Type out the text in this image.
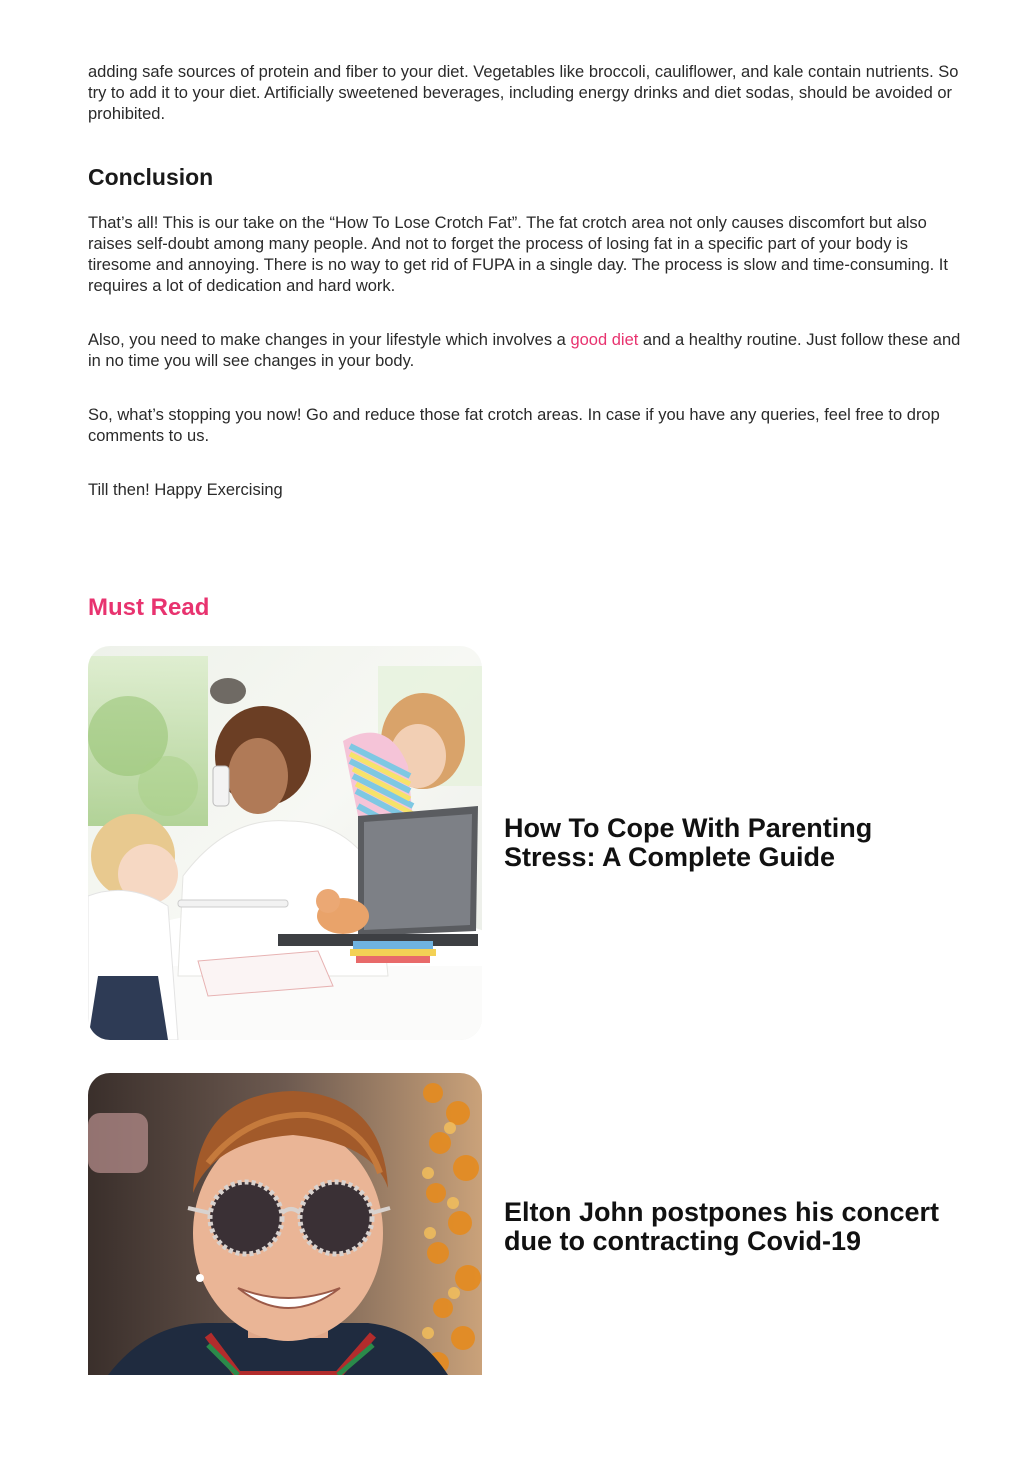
adding safe sources of protein and fiber to your diet. Vegetables like broccoli, cauliflower, and kale contain nutrients. So try to add it to your diet. Artificially sweetened beverages, including energy drinks and diet sodas, should be avoided or prohibited.

Conclusion

That’s all! This is our take on the “How To Lose Crotch Fat”. The fat crotch area not only causes discomfort but also raises self-doubt among many people. And not to forget the process of losing fat in a specific part of your body is tiresome and annoying. There is no way to get rid of FUPA in a single day. The process is slow and time-consuming. It requires a lot of dedication and hard work.

Also, you need to make changes in your lifestyle which involves a good diet and a healthy routine. Just follow these and in no time you will see changes in your body.

So, what’s stopping you now! Go and reduce those fat crotch areas. In case if you have any queries, feel free to drop comments to us.

Till then! Happy Exercising

Must Read
How To Cope With Parenting Stress: A Complete Guide
Elton John postpones his concert due to contracting Covid-19
